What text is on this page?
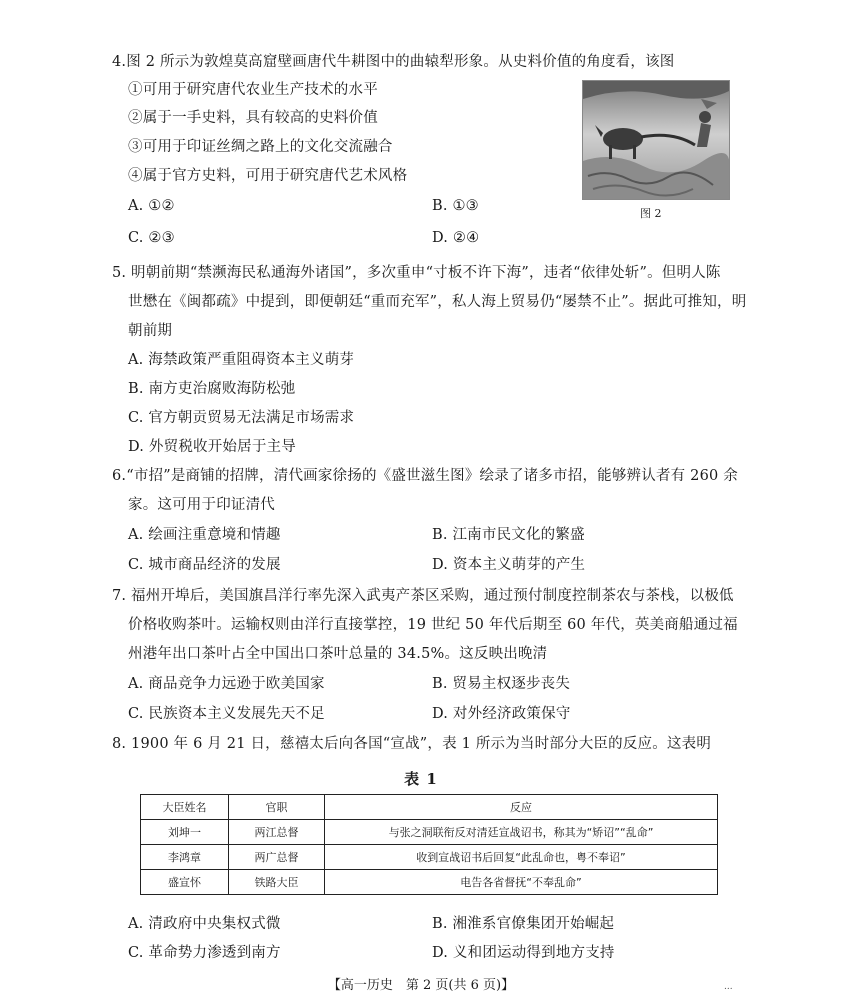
4.图 2 所示为敦煌莫高窟壁画唐代牛耕图中的曲辕犁形象。从史料价值的角度看，该图
①可用于研究唐代农业生产技术的水平
②属于一手史料，具有较高的史料价值
③可用于印证丝绸之路上的文化交流融合
④属于官方史料，可用于研究唐代艺术风格
A. ①②	B. ①③
C. ②③	D. ②④
图 2
5. 明朝前期“禁濒海民私通海外诸国”，多次重申“寸板不许下海”，违者“依律处斩”。但明人陈
世懋在《闽都疏》中提到，即便朝廷“重而充军”，私人海上贸易仍“屡禁不止”。据此可推知，明
朝前期
A. 海禁政策严重阻碍资本主义萌芽
B. 南方吏治腐败海防松弛
C. 官方朝贡贸易无法满足市场需求
D. 外贸税收开始居于主导
6.“市招”是商铺的招牌，清代画家徐扬的《盛世滋生图》绘录了诸多市招，能够辨认者有 260 余
家。这可用于印证清代
A. 绘画注重意境和情趣	B. 江南市民文化的繁盛
C. 城市商品经济的发展	D. 资本主义萌芽的产生
7. 福州开埠后，美国旗昌洋行率先深入武夷产茶区采购，通过预付制度控制茶农与茶栈，以极低
价格收购茶叶。运输权则由洋行直接掌控，19 世纪 50 年代后期至 60 年代，英美商船通过福
州港年出口茶叶占全中国出口茶叶总量的 34.5%。这反映出晚清
A. 商品竞争力远逊于欧美国家	B. 贸易主权逐步丧失
C. 民族资本主义发展先天不足	D. 对外经济政策保守
8. 1900 年 6 月 21 日，慈禧太后向各国“宣战”，表 1 所示为当时部分大臣的反应。这表明
表 1
大臣姓名	官职	反应
刘坤一	两江总督	与张之洞联衔反对清廷宣战诏书，称其为“矫诏”“乱命”
李鸿章	两广总督	收到宣战诏书后回复“此乱命也，粤不奉诏”
盛宣怀	铁路大臣	电告各省督抚“不奉乱命”
A. 清政府中央集权式微	B. 湘淮系官僚集团开始崛起
C. 革命势力渗透到南方	D. 义和团运动得到地方支持
【高一历史　第 2 页(共 6 页)】	...
